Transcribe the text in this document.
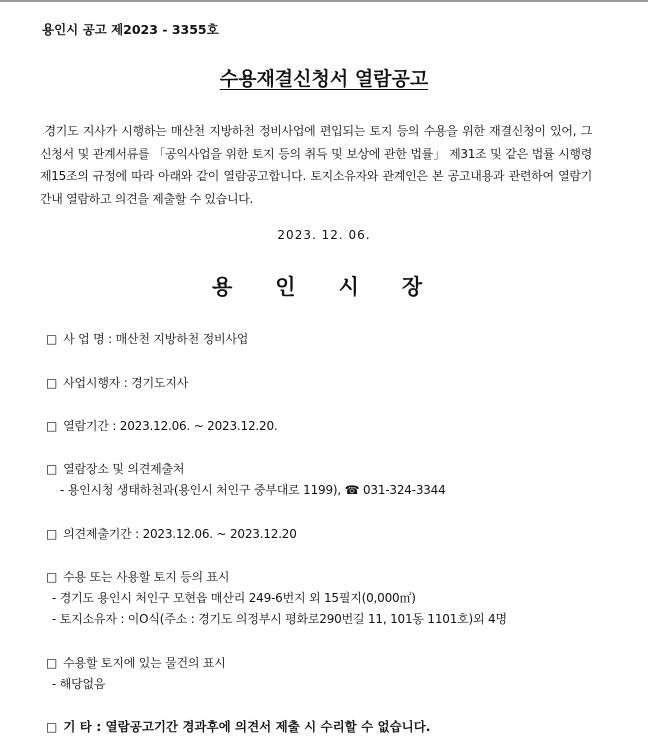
용인시 공고 제2023 - 3355호
수용재결신청서 열람공고
경기도 지사가 시행하는 매산천 지방하천 정비사업에 편입되는 토지 등의 수용을 위한 재결신청이 있어, 그 신청서 및 관계서류를 「공익사업을 위한 토지 등의 취득 및 보상에 관한 법률」 제31조 및 같은 법률 시행령 제15조의 규정에 따라 아래와 같이 열람공고합니다. 토지소유자와 관계인은 본 공고내용과 관련하여 열람기간내 열람하고 의견을 제출할 수 있습니다.
2023. 12. 06.
용인시장
□ 사 업 명 : 매산천 지방하천 정비사업
□ 사업시행자 : 경기도지사
□ 열람기간 : 2023.12.06. ~ 2023.12.20.
□ 열람장소 및 의견제출처
- 용인시청 생태하천과(용인시 처인구 중부대로 1199), ☎ 031-324-3344
□ 의견제출기간 : 2023.12.06. ~ 2023.12.20
□ 수용 또는 사용할 토지 등의 표시
- 경기도 용인시 처인구 모현읍 매산리 249-6번지 외 15필지(0,000㎡)
- 토지소유자 : 이O식(주소 : 경기도 의정부시 평화로290번길 11, 101동 1101호)외 4명
□ 수용할 토지에 있는 물건의 표시
- 해당없음
□ 기 타 : 열람공고기간 경과후에 의견서 제출 시 수리할 수 없습니다.
